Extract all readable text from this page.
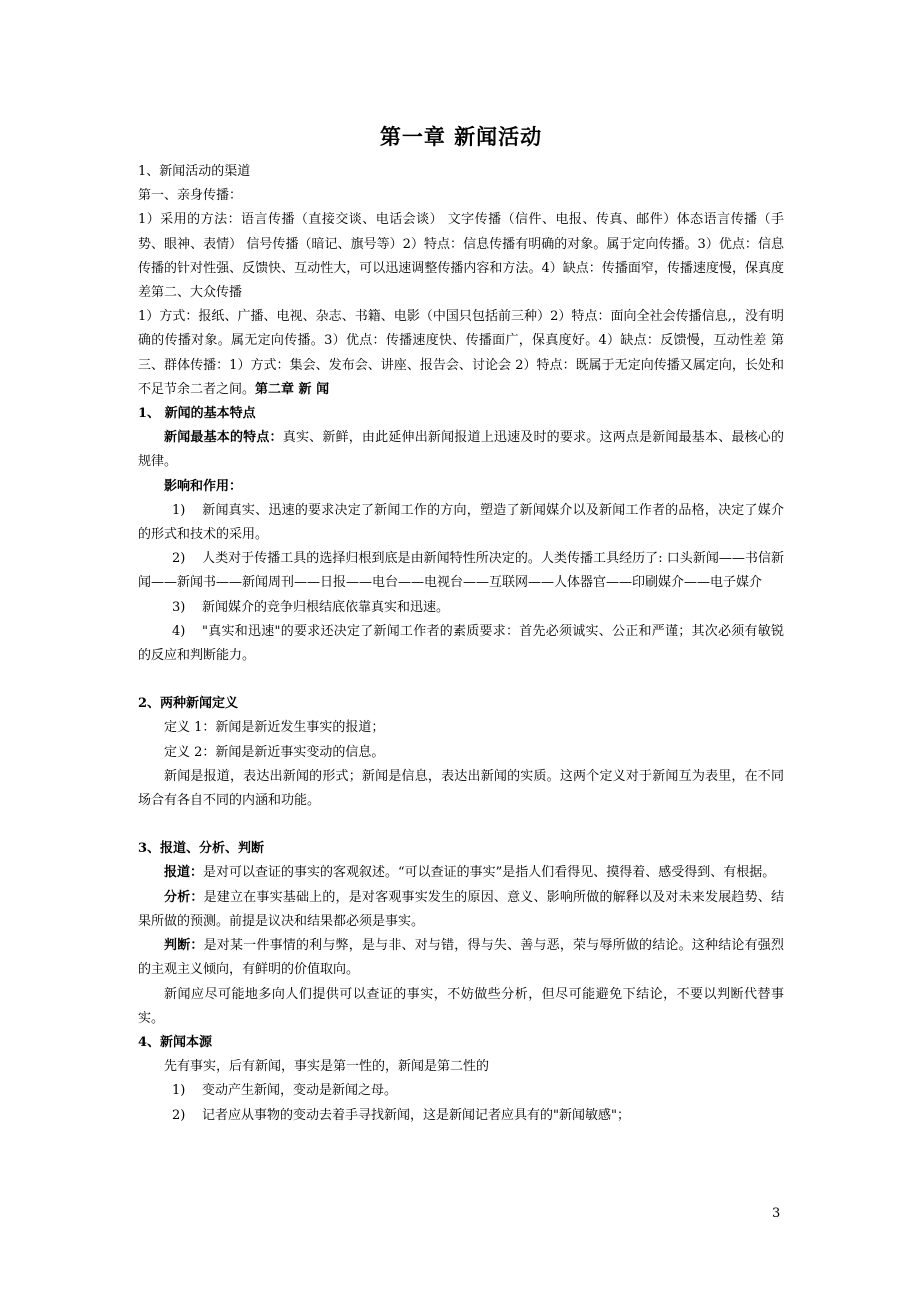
第一章 新闻活动

1、新闻活动的渠道

第一、亲身传播：

1）采用的方法：语言传播（直接交谈、电话会谈） 文字传播（信件、电报、传真、邮件）体态语言传播（手势、眼神、表情） 信号传播（暗记、旗号等）2）特点：信息传播有明确的对象。属于定向传播。3）优点：信息传播的针对性强、反馈快、互动性大，可以迅速调整传播内容和方法。4）缺点：传播面窄，传播速度慢，保真度差第二、大众传播

1）方式：报纸、广播、电视、杂志、书籍、电影（中国只包括前三种）2）特点：面向全社会传播信息,，没有明确的传播对象。属无定向传播。3）优点：传播速度快、传播面广，保真度好。4）缺点：反馈慢，互动性差 第三、群体传播：1）方式：集会、发布会、讲座、报告会、讨论会 2）特点：既属于无定向传播又属定向，长处和不足节余二者之间。第二章 新 闻

1、 新闻的基本特点

新闻最基本的特点：真实、新鲜，由此延伸出新闻报道上迅速及时的要求。这两点是新闻最基本、最核心的规律。

影响和作用：

1) 新闻真实、迅速的要求决定了新闻工作的方向，塑造了新闻媒介以及新闻工作者的品格，决定了媒介的形式和技术的采用。

2) 人类对于传播工具的选择归根到底是由新闻特性所决定的。人类传播工具经历了: 口头新闻——书信新闻——新闻书——新闻周刊——日报——电台——电视台——互联网——人体器官——印刷媒介——电子媒介

3) 新闻媒介的竞争归根结底依靠真实和迅速。

4) "真实和迅速"的要求还决定了新闻工作者的素质要求：首先必须诚实、公正和严谨；其次必须有敏锐的反应和判断能力。

2、两种新闻定义

定义 1：新闻是新近发生事实的报道；

定义 2：新闻是新近事实变动的信息。

新闻是报道，表达出新闻的形式；新闻是信息，表达出新闻的实质。这两个定义对于新闻互为表里，在不同场合有各自不同的内涵和功能。

3、报道、分析、判断

报道：是对可以查证的事实的客观叙述。“可以查证的事实”是指人们看得见、摸得着、感受得到、有根据。

分析：是建立在事实基础上的，是对客观事实发生的原因、意义、影响所做的解释以及对未来发展趋势、结果所做的预测。前提是议决和结果都必须是事实。

判断：是对某一件事情的利与弊，是与非、对与错，得与失、善与恶，荣与辱所做的结论。这种结论有强烈的主观主义倾向，有鲜明的价值取向。

新闻应尽可能地多向人们提供可以查证的事实，不妨做些分析，但尽可能避免下结论，不要以判断代替事实。

4、新闻本源

先有事实，后有新闻，事实是第一性的，新闻是第二性的

1) 变动产生新闻，变动是新闻之母。

2) 记者应从事物的变动去着手寻找新闻，这是新闻记者应具有的"新闻敏感"；

3
